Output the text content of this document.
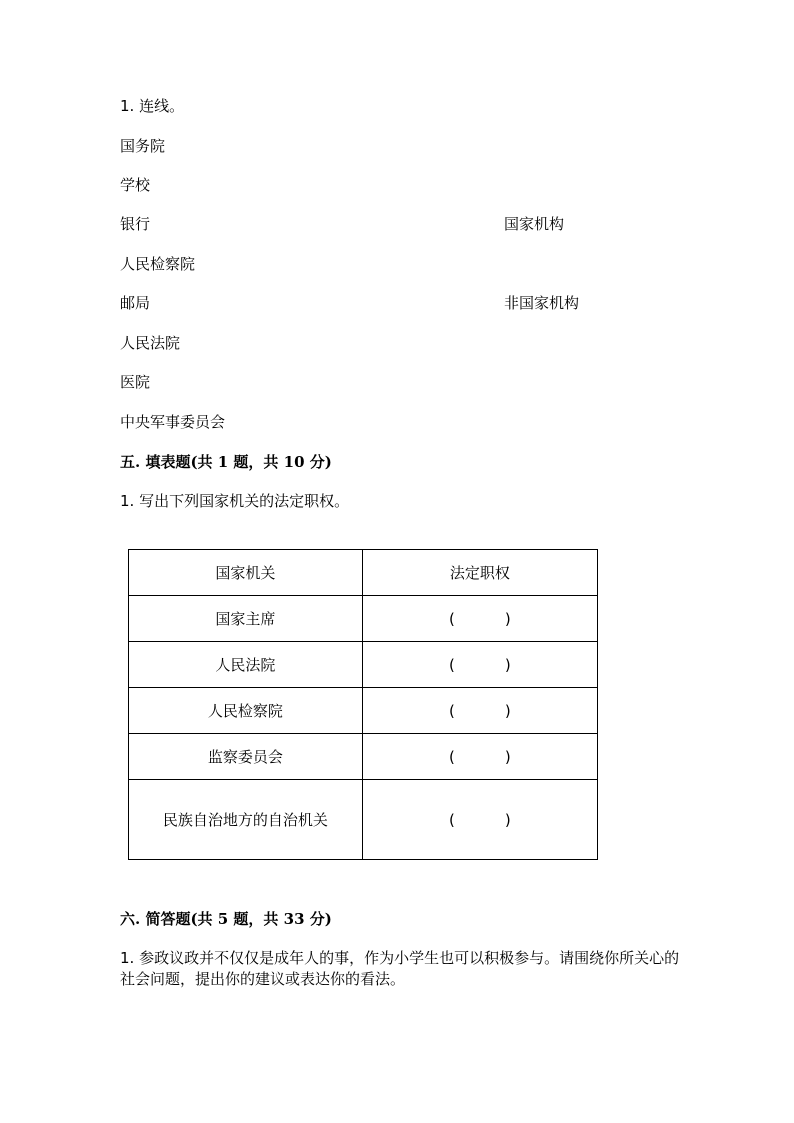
1. 连线。
国务院
学校
银行
人民检察院
邮局
人民法院
医院
中央军事委员会
国家机构
非国家机构
五. 填表题(共 1 题，共 10 分)
1. 写出下列国家机关的法定职权。
国家机关	法定职权
国家主席	( )
人民法院	( )
人民检察院	( )
监察委员会	( )
民族自治地方的自治机关	( )
六. 简答题(共 5 题，共 33 分)
1. 参政议政并不仅仅是成年人的事，作为小学生也可以积极参与。请围绕你所关心的社会问题，提出你的建议或表达你的看法。
